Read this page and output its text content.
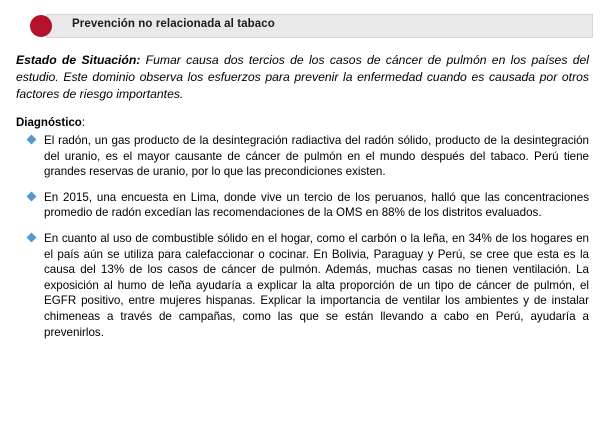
Prevención no relacionada al tabaco

Estado de Situación: Fumar causa dos tercios de los casos de cáncer de pulmón en los países del estudio. Este dominio observa los esfuerzos para prevenir la enfermedad cuando es causada por otros factores de riesgo importantes.

Diagnóstico:

El radón, un gas producto de la desintegración radiactiva del radón sólido, producto de la desintegración del uranio, es el mayor causante de cáncer de pulmón en el mundo después del tabaco. Perú tiene grandes reservas de uranio, por lo que las precondiciones existen.
En 2015, una encuesta en Lima, donde vive un tercio de los peruanos, halló que las concentraciones promedio de radón excedían las recomendaciones de la OMS en 88% de los distritos evaluados.
En cuanto al uso de combustible sólido en el hogar, como el carbón o la leña, en 34% de los hogares en el país aún se utiliza para calefaccionar o cocinar. En Bolivia, Paraguay y Perú, se cree que esta es la causa del 13% de los casos de cáncer de pulmón. Además, muchas casas no tienen ventilación. La exposición al humo de leña ayudaría a explicar la alta proporción de un tipo de cáncer de pulmón, el EGFR positivo, entre mujeres hispanas. Explicar la importancia de ventilar los ambientes y de instalar chimeneas a través de campañas, como las que se están llevando a cabo en Perú, ayudaría a prevenirlos.
